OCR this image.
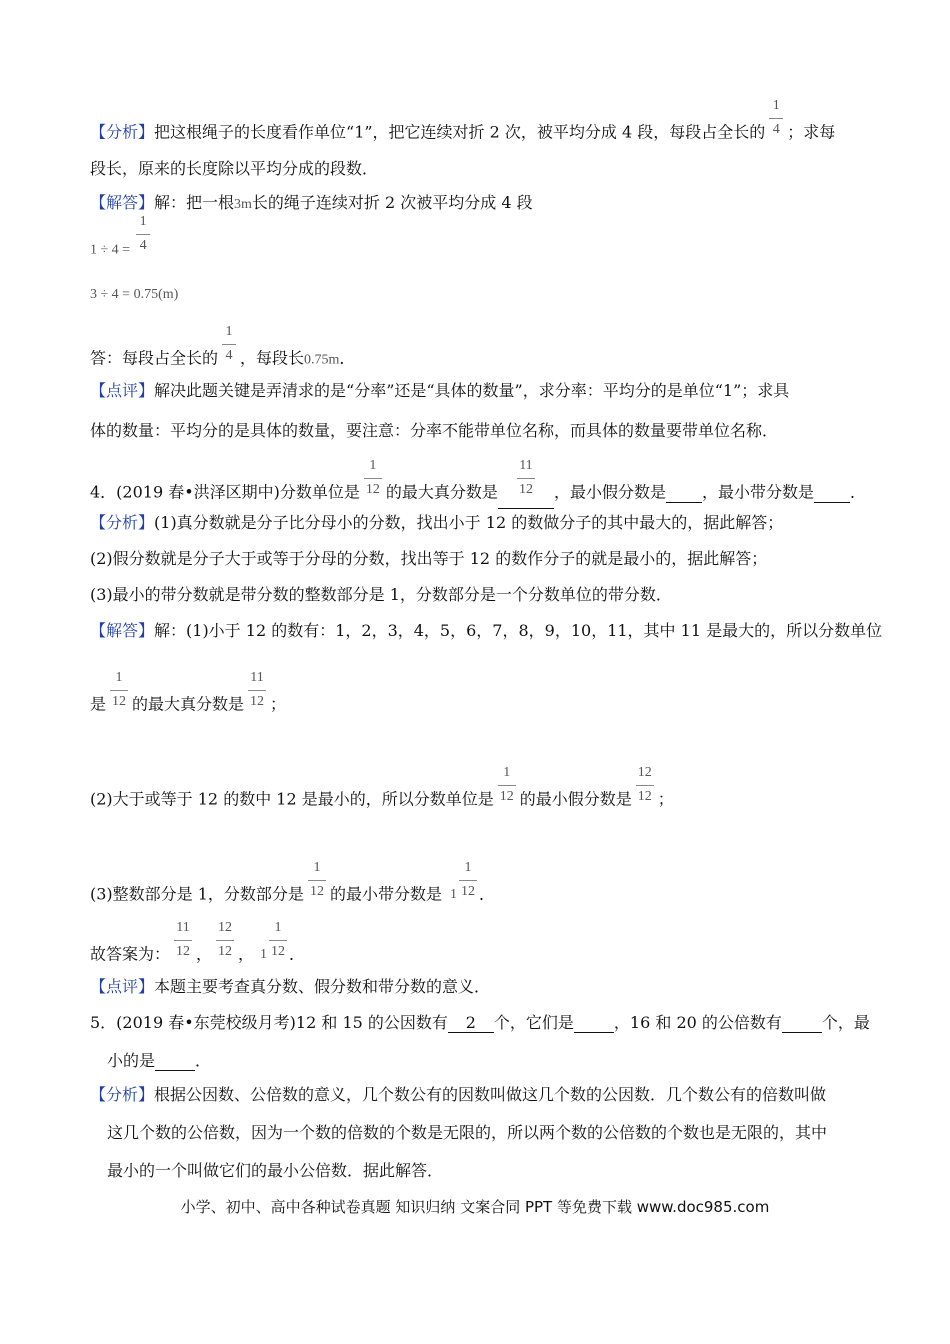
【分析】把这根绳子的长度看作单位“1”，把它连续对折 2 次，被平均分成 4 段，每段占全长的 $\frac{1}{4}$ ；求每
段长，原来的长度除以平均分成的段数．
【解答】解：把一根3m长的绳子连续对折 2 次被平均分成 4 段
$1 \div 4 = \frac{1}{4}$
3 ÷ 4 = 0.75(m)
答：每段占全长的 $\frac{1}{4}$ ，每段长0.75m．
【点评】解决此题关键是弄清求的是“分率”还是“具体的数量”，求分率：平均分的是单位“1”；求具
体的数量：平均分的是具体的数量，要注意：分率不能带单位名称，而具体的数量要带单位名称．
4．(2019 春•洪泽区期中)分数单位是 $\frac{1}{12}$ 的最大真分数是 $\frac{11}{12}$ ，最小假分数是 ，最小带分数是 ．
【分析】(1)真分数就是分子比分母小的分数，找出小于 12 的数做分子的其中最大的，据此解答；
(2)假分数就是分子大于或等于分母的分数，找出等于 12 的数作分子的就是最小的，据此解答；
(3)最小的带分数就是带分数的整数部分是 1，分数部分是一个分数单位的带分数．
【解答】解：(1)小于 12 的数有：1，2，3，4，5，6，7，8，9，10，11，其中 11 是最大的，所以分数单位
是 $\frac{1}{12}$ 的最大真分数是 $\frac{11}{12}$ ；
(2)大于或等于 12 的数中 12 是最小的，所以分数单位是 $\frac{1}{12}$ 的最小假分数是 $\frac{12}{12}$ ；
(3)整数部分是 1，分数部分是 $\frac{1}{12}$ 的最小带分数是 $1 \frac{1}{12}$ ．
故答案为： $\frac{11}{12}$ ， $\frac{12}{12}$ ， $1 \frac{1}{12}$ ．
【点评】本题主要考查真分数、假分数和带分数的意义．
5．(2019 春•东莞校级月考)12 和 15 的公因数有 2 个，它们是	，16 和 20 的公倍数有	个，最
小的是	．
【分析】根据公因数、公倍数的意义，几个数公有的因数叫做这几个数的公因数．几个数公有的倍数叫做
这几个数的公倍数，因为一个数的倍数的个数是无限的，所以两个数的公倍数的个数也是无限的，其中
最小的一个叫做它们的最小公倍数．据此解答．
小学、初中、高中各种试卷真题 知识归纳 文案合同 PPT 等免费下载 www.doc985.com
